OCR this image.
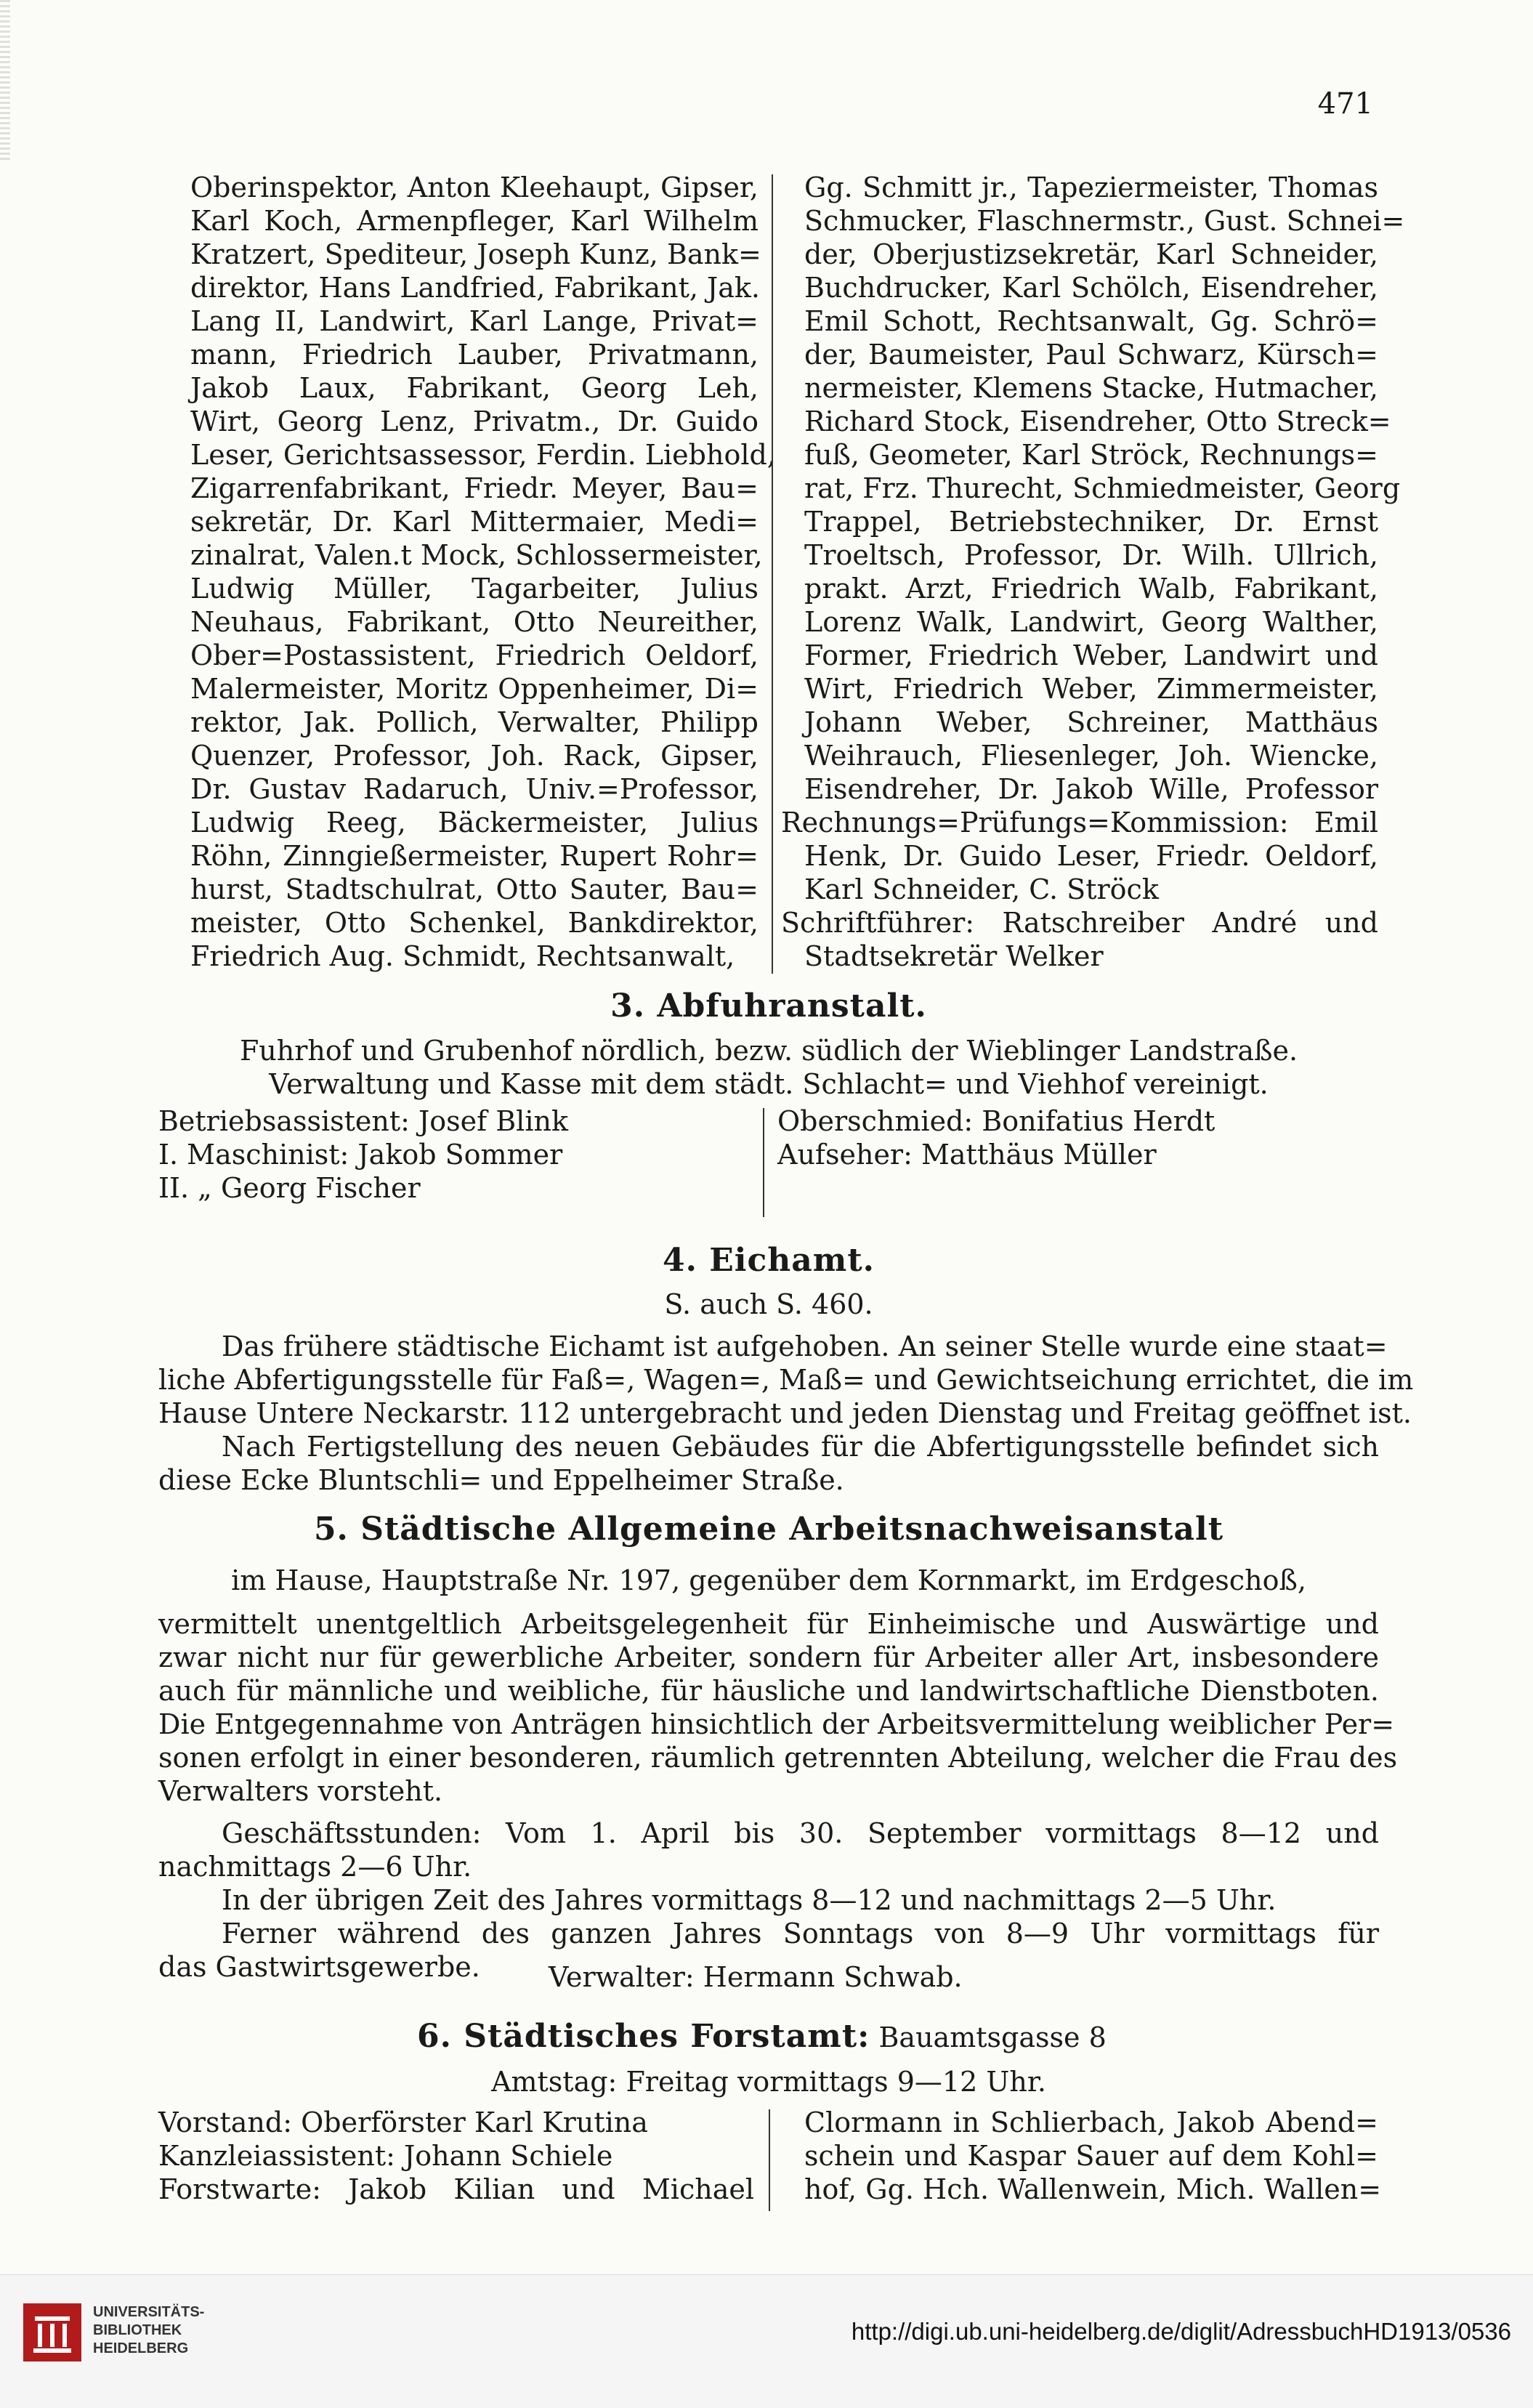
471
Oberinspektor, Anton Kleehaupt, Gipser,
Karl Koch, Armenpfleger, Karl Wilhelm
Kratzert, Spediteur, Joseph Kunz, Bank=
direktor, Hans Landfried, Fabrikant, Jak.
Lang II, Landwirt, Karl Lange, Privat=
mann, Friedrich Lauber, Privatmann,
Jakob Laux, Fabrikant, Georg Leh,
Wirt, Georg Lenz, Privatm., Dr. Guido
Leser, Gerichtsassessor, Ferdin. Liebhold,
Zigarrenfabrikant, Friedr. Meyer, Bau=
sekretär, Dr. Karl Mittermaier, Medi=
zinalrat, Valen.t Mock, Schlossermeister,
Ludwig Müller, Tagarbeiter, Julius
Neuhaus, Fabrikant, Otto Neureither,
Ober=Postassistent, Friedrich Oeldorf,
Malermeister, Moritz Oppenheimer, Di=
rektor, Jak. Pollich, Verwalter, Philipp
Quenzer, Professor, Joh. Rack, Gipser,
Dr. Gustav Radaruch, Univ.=Professor,
Ludwig Reeg, Bäckermeister, Julius
Röhn, Zinngießermeister, Rupert Rohr=
hurst, Stadtschulrat, Otto Sauter, Bau=
meister, Otto Schenkel, Bankdirektor,
Friedrich Aug. Schmidt, Rechtsanwalt,
Gg. Schmitt jr., Tapeziermeister, Thomas
Schmucker, Flaschnermstr., Gust. Schnei=
der, Oberjustizsekretär, Karl Schneider,
Buchdrucker, Karl Schölch, Eisendreher,
Emil Schott, Rechtsanwalt, Gg. Schrö=
der, Baumeister, Paul Schwarz, Kürsch=
nermeister, Klemens Stacke, Hutmacher,
Richard Stock, Eisendreher, Otto Streck=
fuß, Geometer, Karl Ströck, Rechnungs=
rat, Frz. Thurecht, Schmiedmeister, Georg
Trappel, Betriebstechniker, Dr. Ernst
Troeltsch, Professor, Dr. Wilh. Ullrich,
prakt. Arzt, Friedrich Walb, Fabrikant,
Lorenz Walk, Landwirt, Georg Walther,
Former, Friedrich Weber, Landwirt und
Wirt, Friedrich Weber, Zimmermeister,
Johann Weber, Schreiner, Matthäus
Weihrauch, Fliesenleger, Joh. Wiencke,
Eisendreher, Dr. Jakob Wille, Professor
Rechnungs=Prüfungs=Kommission: Emil
Henk, Dr. Guido Leser, Friedr. Oeldorf,
Karl Schneider, C. Ströck
Schriftführer: Ratschreiber André und
Stadtsekretär Welker
3. Abfuhranstalt.
Fuhrhof und Grubenhof nördlich, bezw. südlich der Wieblinger Landstraße.
Verwaltung und Kasse mit dem städt. Schlacht= und Viehhof vereinigt.
Betriebsassistent: Josef Blink
I. Maschinist: Jakob Sommer
II. „ Georg Fischer
Oberschmied: Bonifatius Herdt
Aufseher: Matthäus Müller
4. Eichamt.
S. auch S. 460.
Das frühere städtische Eichamt ist aufgehoben. An seiner Stelle wurde eine staat=
liche Abfertigungsstelle für Faß=, Wagen=, Maß= und Gewichtseichung errichtet, die im
Hause Untere Neckarstr. 112 untergebracht und jeden Dienstag und Freitag geöffnet ist.
Nach Fertigstellung des neuen Gebäudes für die Abfertigungsstelle befindet sich
diese Ecke Bluntschli= und Eppelheimer Straße.
5. Städtische Allgemeine Arbeitsnachweisanstalt
im Hause, Hauptstraße Nr. 197, gegenüber dem Kornmarkt, im Erdgeschoß,
vermittelt unentgeltlich Arbeitsgelegenheit für Einheimische und Auswärtige und
zwar nicht nur für gewerbliche Arbeiter, sondern für Arbeiter aller Art, insbesondere
auch für männliche und weibliche, für häusliche und landwirtschaftliche Dienstboten.
Die Entgegennahme von Anträgen hinsichtlich der Arbeitsvermittelung weiblicher Per=
sonen erfolgt in einer besonderen, räumlich getrennten Abteilung, welcher die Frau des
Verwalters vorsteht.
Geschäftsstunden: Vom 1. April bis 30. September vormittags 8—12 und
nachmittags 2—6 Uhr.
In der übrigen Zeit des Jahres vormittags 8—12 und nachmittags 2—5 Uhr.
Ferner während des ganzen Jahres Sonntags von 8—9 Uhr vormittags für
das Gastwirtsgewerbe.	Verwalter: Hermann Schwab.
6. Städtisches Forstamt: Bauamtsgasse 8
Amtstag: Freitag vormittags 9—12 Uhr.
Vorstand: Oberförster Karl Krutina
Kanzleiassistent: Johann Schiele
Forstwarte: Jakob Kilian und Michael
Clormann in Schlierbach, Jakob Abend=
schein und Kaspar Sauer auf dem Kohl=
hof, Gg. Hch. Wallenwein, Mich. Wallen=
UNIVERSITÄTS-
BIBLIOTHEK
HEIDELBERG
http://digi.ub.uni-heidelberg.de/diglit/AdressbuchHD1913/0536
